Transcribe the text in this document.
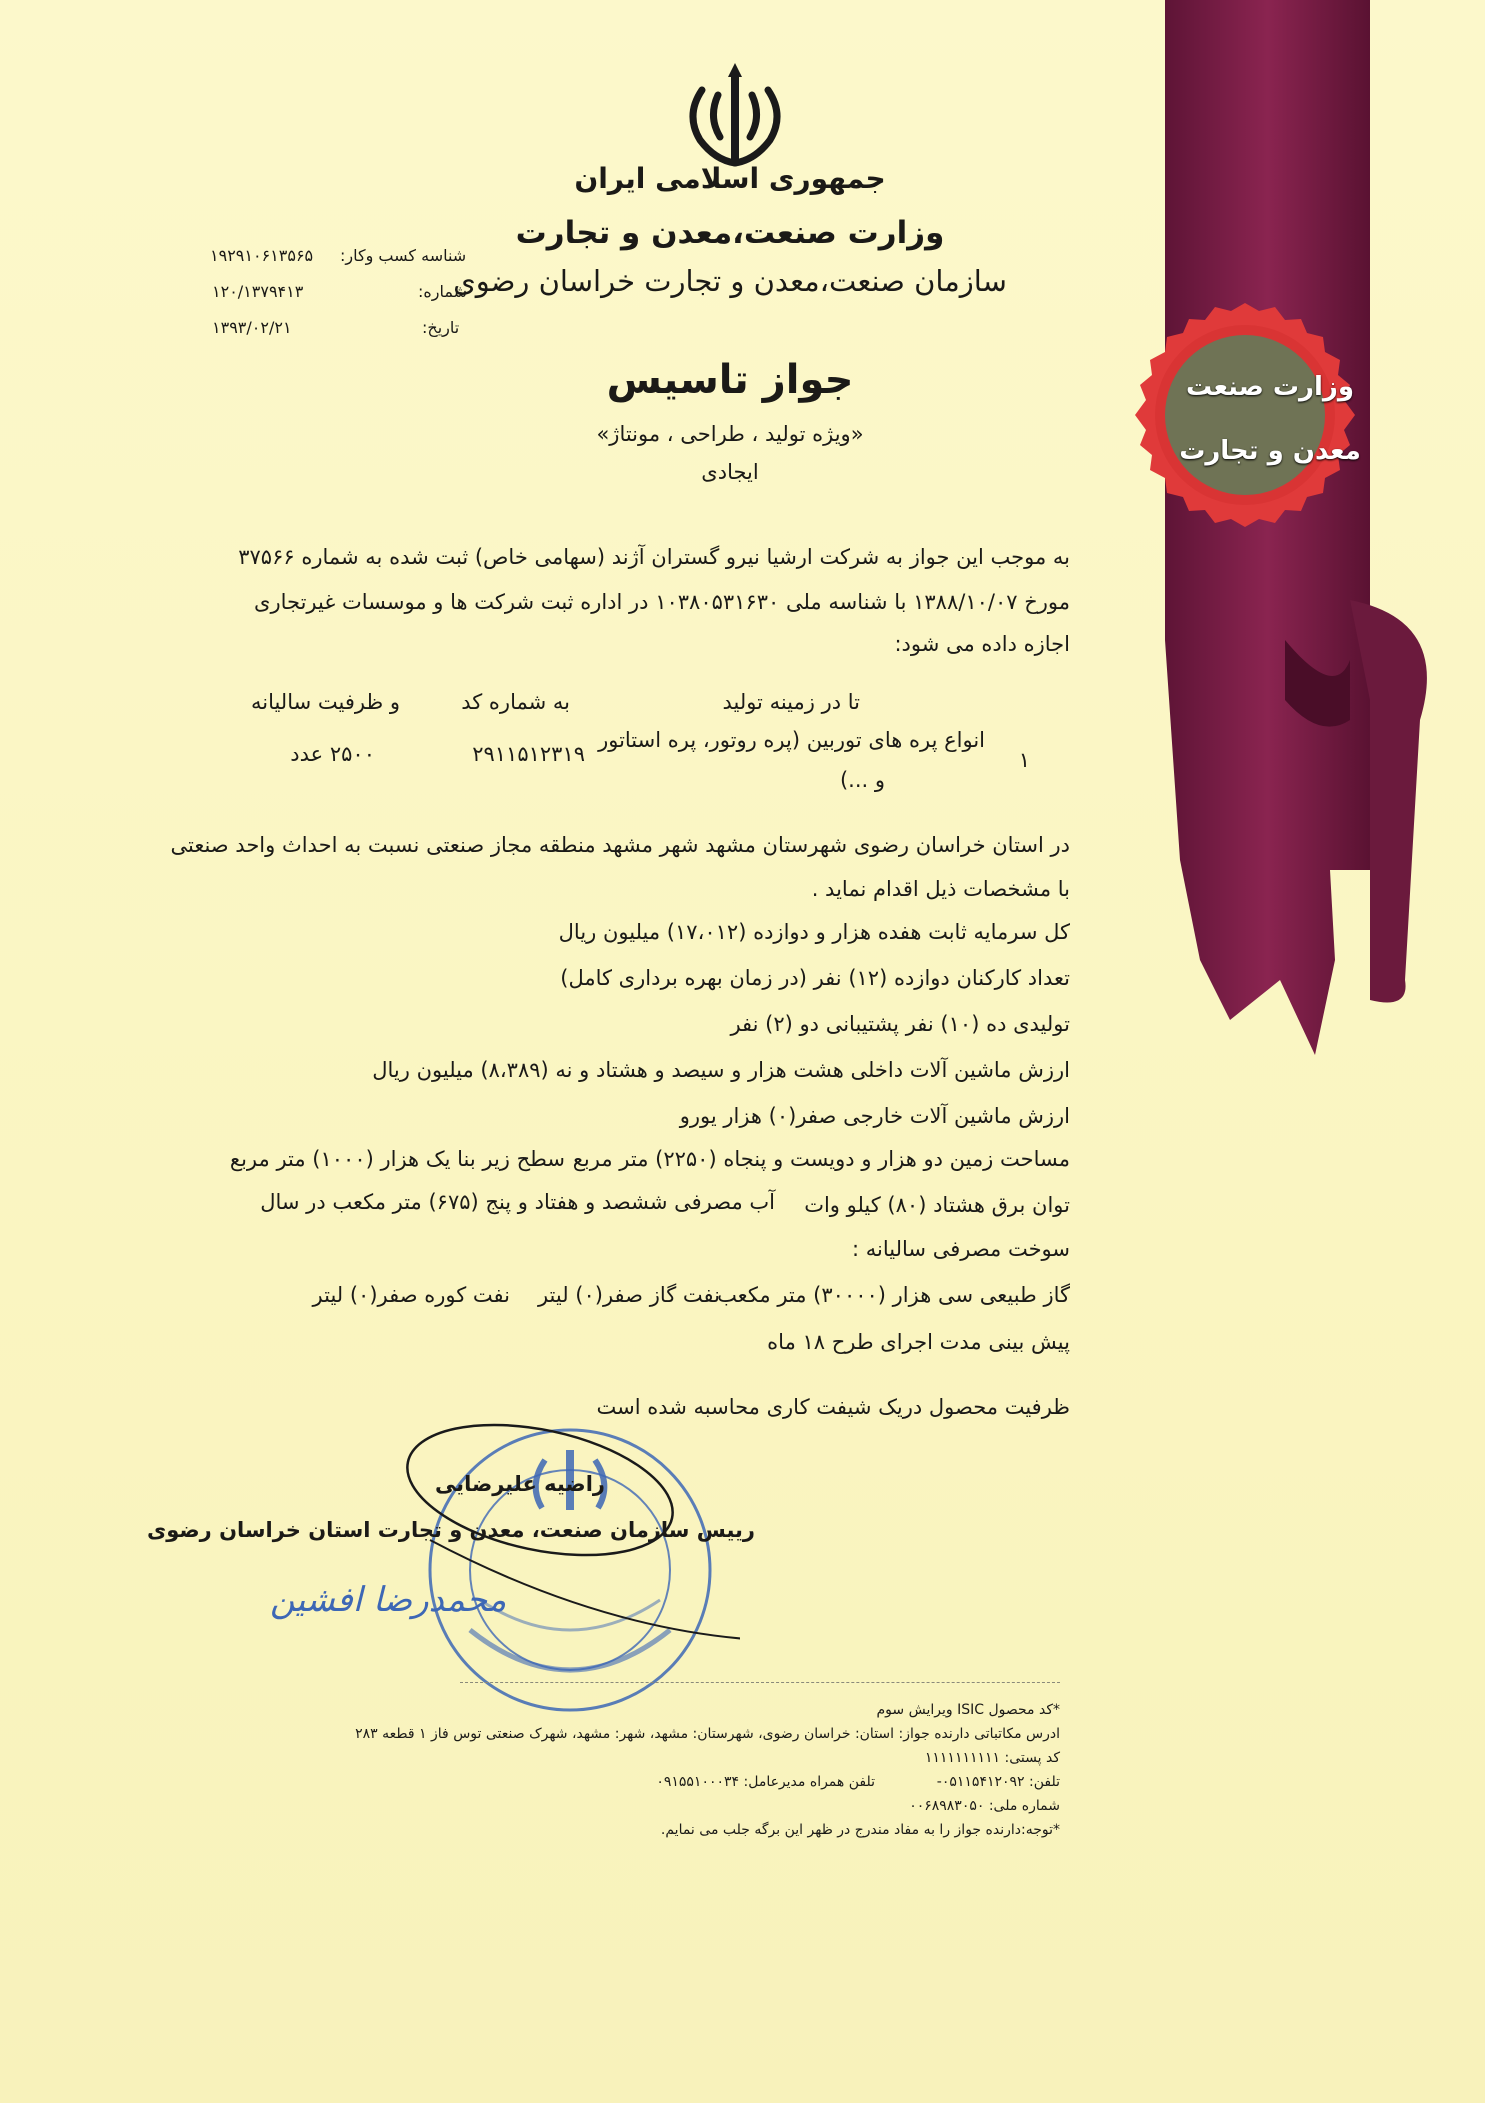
وزارت صنعت
معدن و تجارت
جمهوری اسلامی ایران
وزارت صنعت،معدن و تجارت
سازمان صنعت،معدن و تجارت خراسان رضوی
شناسه کسب وکار:
۱۹۲۹۱۰۶۱۳۵۶۵
شماره:
۱۲۰/۱۳۷۹۴۱۳
تاریخ:
۱۳۹۳/۰۲/۲۱
جواز تاسیس
«ویژه تولید ، طراحی ، مونتاژ»
ایجادی
به موجب این جواز به شرکت ارشیا نیرو گستران آژند (سهامی خاص) ثبت شده به شماره ۳۷۵۶۶
مورخ ۱۳۸۸/۱۰/۰۷ با شناسه ملی ۱۰۳۸۰۵۳۱۶۳۰ در اداره ثبت شرکت ها و موسسات غیرتجاری
اجازه داده می شود:
تا در زمینه تولید
به شماره کد
و ظرفیت سالیانه
۱
انواع پره های توربین (پره روتور، پره استاتور
و ...)
۲۹۱۱۵۱۲۳۱۹
۲۵۰۰ عدد
در استان خراسان رضوی شهرستان مشهد شهر مشهد منطقه مجاز صنعتی نسبت به احداث واحد صنعتی
با مشخصات ذیل اقدام نماید .
کل سرمایه ثابت هفده هزار و دوازده (۱۷،۰۱۲) میلیون ریال
تعداد کارکنان دوازده (۱۲) نفر (در زمان بهره برداری کامل)
تولیدی ده (۱۰) نفر پشتیبانی دو (۲) نفر
ارزش ماشین آلات داخلی هشت هزار و سیصد و هشتاد و نه (۸،۳۸۹) میلیون ریال
ارزش ماشین آلات خارجی صفر(۰) هزار یورو
مساحت زمین دو هزار و دویست و پنجاه (۲۲۵۰) متر مربع
سطح زیر بنا یک هزار (۱۰۰۰) متر مربع
توان برق هشتاد (۸۰) کیلو وات
آب مصرفی ششصد و هفتاد و پنج (۶۷۵) متر مکعب در سال
سوخت مصرفی سالیانه :
گاز طبیعی سی هزار (۳۰۰۰۰) متر مکعب
نفت گاز صفر(۰) لیتر
نفت کوره صفر(۰) لیتر
پیش بینی مدت اجرای طرح ۱۸ ماه
ظرفیت محصول دریک شیفت کاری محاسبه شده است
راضیه علیرضایی
رییس سازمان صنعت، معدن و تجارت استان خراسان رضوی
محمدرضا افشین
*کد محصول ISIC ویرایش سوم
ادرس مکاتباتی دارنده جواز: استان: خراسان رضوی، شهرستان: مشهد، شهر: مشهد، شهرک صنعتی توس فاز ۱ قطعه ۲۸۳
کد پستی: ۱۱۱۱۱۱۱۱۱۱
تلفن: ۰۵۱۱۵۴۱۲۰۹۲-
تلفن همراه مدیرعامل: ۰۹۱۵۵۱۰۰۰۳۴
شماره ملی: ۰۰۶۸۹۸۳۰۵۰
*توجه:دارنده جواز را به مفاد مندرج در ظهر این برگه جلب می نمایم.
